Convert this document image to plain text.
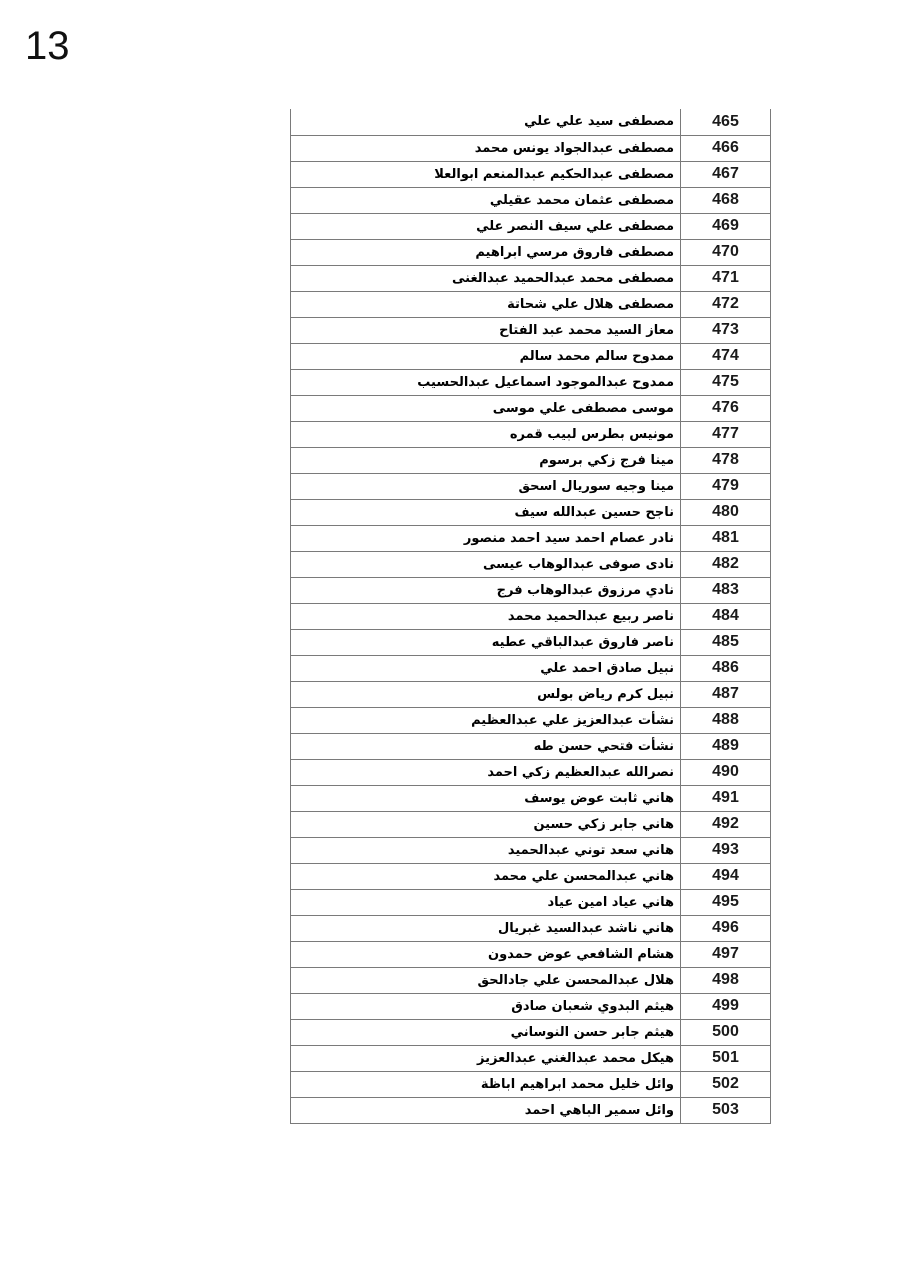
13
مصطفى سيد علي علي	465
مصطفى عبدالجواد يونس محمد	466
مصطفى عبدالحكيم عبدالمنعم ابوالعلا	467
مصطفى عثمان محمد عقيلي	468
مصطفى علي سيف النصر علي	469
مصطفى فاروق مرسي ابراهيم	470
مصطفى محمد عبدالحميد عبدالغنى	471
مصطفى هلال علي شحاتة	472
معاز السيد محمد عبد الفتاح	473
ممدوح سالم محمد سالم	474
ممدوح عبدالموجود اسماعيل عبدالحسيب	475
موسى مصطفى علي موسى	476
مونيس بطرس لبيب قمره	477
مينا فرج زكي برسوم	478
مينا وجيه سوريال اسحق	479
ناجح حسين عبدالله سيف	480
نادر عصام احمد سيد احمد منصور	481
نادى صوفى عبدالوهاب عيسى	482
نادي مرزوق عبدالوهاب فرج	483
ناصر ربيع عبدالحميد محمد	484
ناصر فاروق عبدالباقي عطيه	485
نبيل صادق احمد علي	486
نبيل كرم رياض بولس	487
نشأت عبدالعزيز علي عبدالعظيم	488
نشأت فتحي حسن طه	489
نصرالله عبدالعظيم زكي احمد	490
هاني ثابت عوض يوسف	491
هاني جابر زكي حسين	492
هاني سعد توني عبدالحميد	493
هاني عبدالمحسن علي محمد	494
هاني عياد امين عياد	495
هاني ناشد عبدالسيد غبريال	496
هشام الشافعي عوض حمدون	497
هلال عبدالمحسن علي جادالحق	498
هيثم البدوي شعبان صادق	499
هيثم جابر حسن النوساني	500
هيكل محمد عبدالغني عبدالعزيز	501
وائل خليل محمد ابراهيم اباظة	502
وائل سمير الباهي احمد	503
